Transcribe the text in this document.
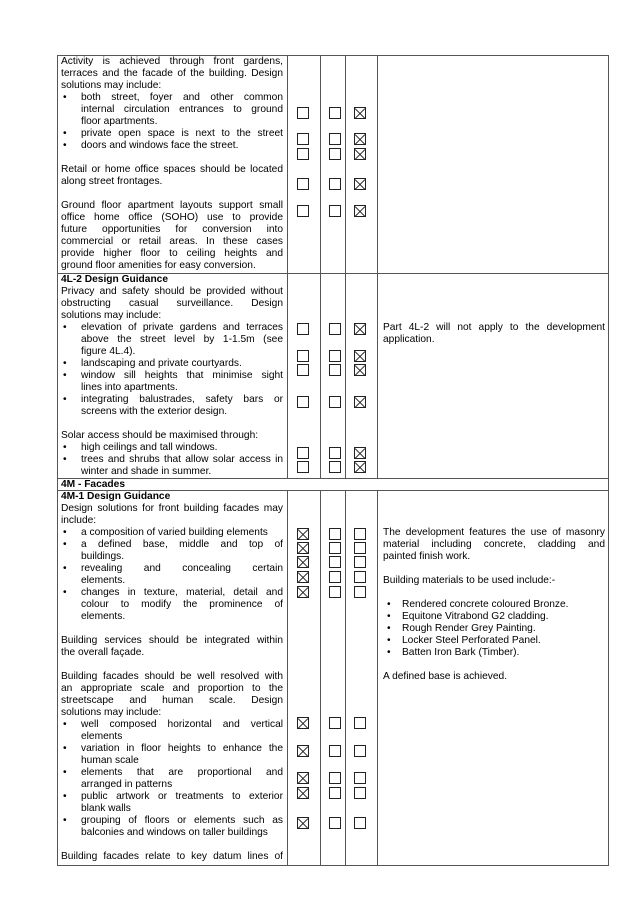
Activity is achieved through front gardens,
terraces and the facade of the building. Design
solutions may include:
both street, foyer and other common
internal circulation entrances to ground
floor apartments.
private open space is next to the street
doors and windows face the street.
Retail or home office spaces should be located
along street frontages.
Ground floor apartment layouts support small
office home office (SOHO) use to provide
future opportunities for conversion into
commercial or retail areas. In these cases
provide higher floor to ceiling heights and
ground floor amenities for easy conversion.
•
•
•
4L-2 Design Guidance
Privacy and safety should be provided without
obstructing casual surveillance. Design
solutions may include:
elevation of private gardens and terraces
above the street level by 1-1.5m (see
figure 4L.4).
landscaping and private courtyards.
window sill heights that minimise sight
lines into apartments.
integrating balustrades, safety bars or
screens with the exterior design.
Solar access should be maximised through:
high ceilings and tall windows.
trees and shrubs that allow solar access in
winter and shade in summer.
•
•
•
•
•
•
Part 4L-2 will not apply to the development
application.
4M - Facades
4M-1 Design Guidance
Design solutions for front building facades may
include:
a composition of varied building elements
a defined base, middle and top of
buildings.
revealing and concealing certain
elements.
changes in texture, material, detail and
colour to modify the prominence of
elements.
Building services should be integrated within
the overall façade.
Building facades should be well resolved with
an appropriate scale and proportion to the
streetscape and human scale. Design
solutions may include:
well composed horizontal and vertical
elements
variation in floor heights to enhance the
human scale
elements that are proportional and
arranged in patterns
public artwork or treatments to exterior
blank walls
grouping of floors or elements such as
balconies and windows on taller buildings
Building facades relate to key datum lines of
•
•
•
•
•
•
•
•
•
The development features the use of masonry
material including concrete, cladding and
painted finish work.
Building materials to be used include:-
Rendered concrete coloured Bronze.
•
Equitone Vitrabond G2 cladding.
•
Rough Render Grey Painting.
•
Locker Steel Perforated Panel.
•
Batten Iron Bark (Timber).
•
A defined base is achieved.
